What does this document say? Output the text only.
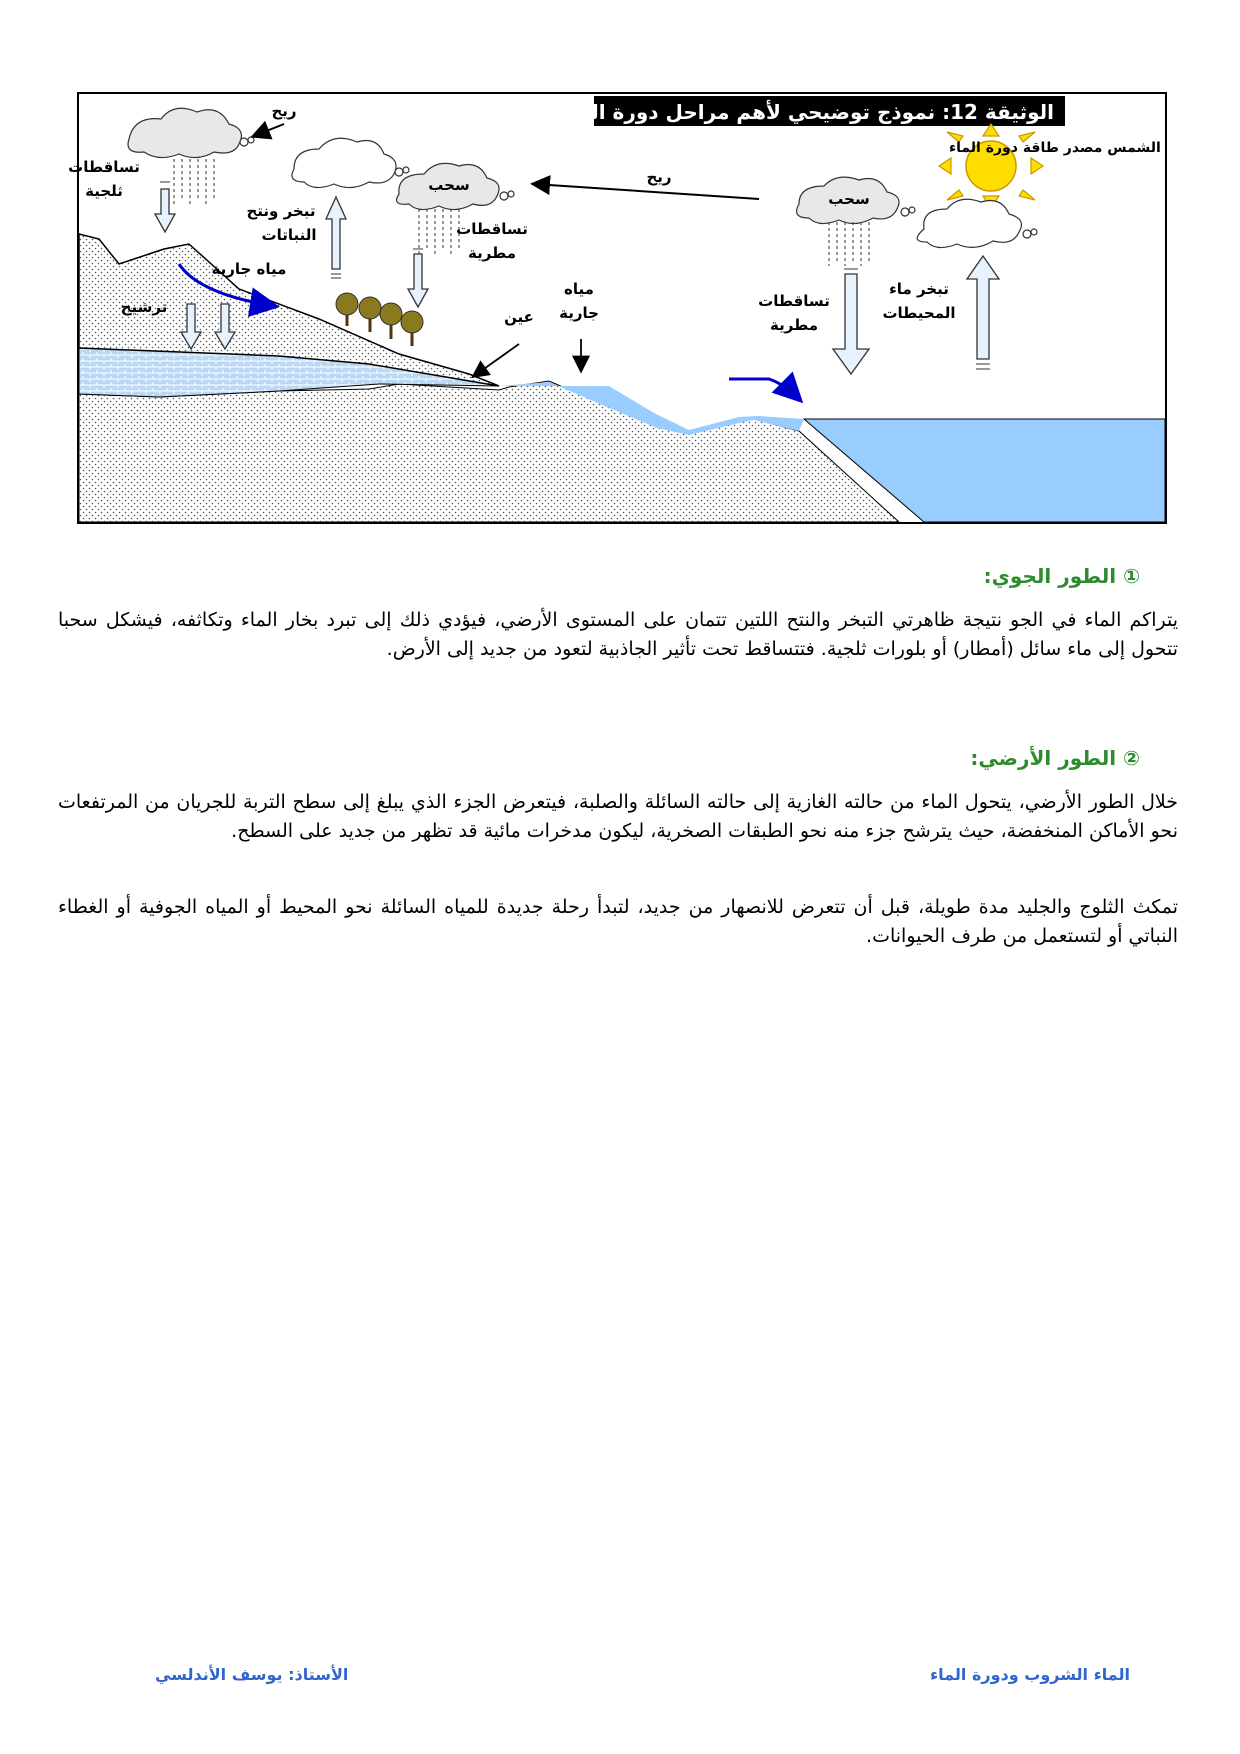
الوثيقة 12: نموذج توضيحي لأهم مراحل دورة الماء.
الشمس مصدر طاقة دورة الماء
ريح
ريح
سحب
سحب
تساقطات
ثلجية
تبخر ونتح
النباتات	تساقطات
مطرية
مياه جارية
ترشيح
مياه
جارية
عين
تساقطات
مطرية
تبخر ماء
المحيطات
① الطور الجوي:

يتراكم الماء في الجو نتيجة ظاهرتي التبخر والنتح اللتين تتمان على المستوى الأرضي، فيؤدي ذلك إلى تبرد بخار الماء وتكاثفه، فيشكل سحبا تتحول إلى ماء سائل (أمطار) أو بلورات ثلجية. فتتساقط تحت تأثير الجاذبية لتعود من جديد إلى الأرض.

② الطور الأرضي:

خلال الطور الأرضي، يتحول الماء من حالته الغازية إلى حالته السائلة والصلبة، فيتعرض الجزء الذي يبلغ إلى سطح التربة للجريان من المرتفعات نحو الأماكن المنخفضة، حيث يترشح جزء منه نحو الطبقات الصخرية، ليكون مدخرات مائية قد تظهر من جديد على السطح.

تمكث الثلوج والجليد مدة طويلة، قبل أن تتعرض للانصهار من جديد، لتبدأ رحلة جديدة للمياه السائلة نحو المحيط أو المياه الجوفية أو الغطاء النباتي أو لتستعمل من طرف الحيوانات.

الماء الشروب ودورة الماء
الأستاذ: يوسف الأندلسي
